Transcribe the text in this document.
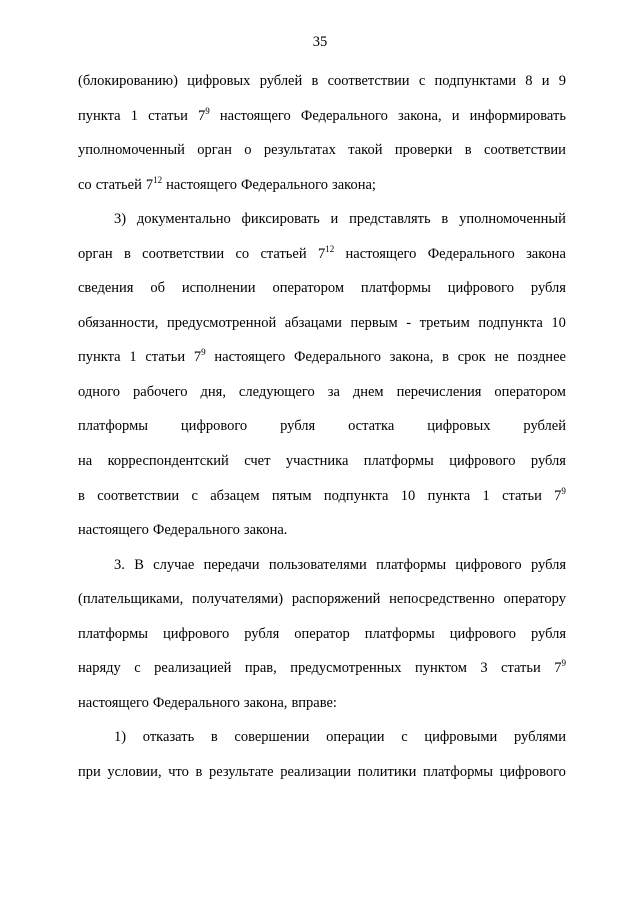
35
(блокированию) цифровых рублей в соответствии с подпунктами 8 и 9
пункта 1 статьи $7^9$ настоящего Федерального закона, и информировать
уполномоченный орган о результатах такой проверки в соответствии
со статьей $7^{12}$ настоящего Федерального закона;
3) документально фиксировать и представлять в уполномоченный
орган в соответствии со статьей $7^{12}$ настоящего Федерального закона
сведения об исполнении оператором платформы цифрового рубля
обязанности, предусмотренной абзацами первым - третьим подпункта 10
пункта 1 статьи $7^9$ настоящего Федерального закона, в срок не позднее
одного рабочего дня, следующего за днем перечисления оператором
платформы цифрового рубля остатка цифровых рублей
на корреспондентский счет участника платформы цифрового рубля
в соответствии с абзацем пятым подпункта 10 пункта 1 статьи $7^9$
настоящего Федерального закона.
3. В случае передачи пользователями платформы цифрового рубля
(плательщиками, получателями) распоряжений непосредственно оператору
платформы цифрового рубля оператор платформы цифрового рубля
наряду с реализацией прав, предусмотренных пунктом 3 статьи $7^9$
настоящего Федерального закона, вправе:
1) отказать в совершении операции с цифровыми рублями
при условии, что в результате реализации политики платформы цифрового
